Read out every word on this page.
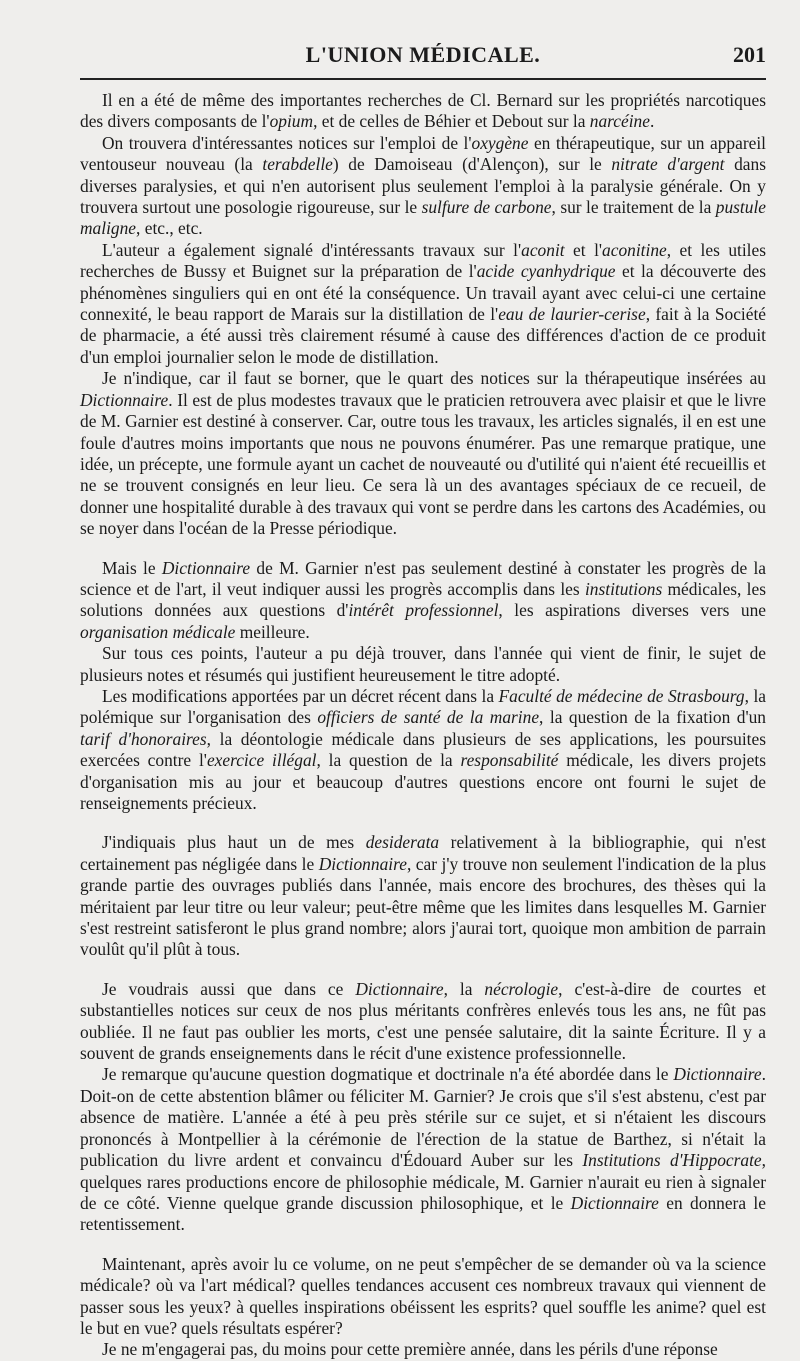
L'UNION MÉDICALE.	201

Il en a été de même des importantes recherches de Cl. Bernard sur les propriétés narcotiques des divers composants de l'opium, et de celles de Béhier et Debout sur la narcéine.

On trouvera d'intéressantes notices sur l'emploi de l'oxygène en thérapeutique, sur un appareil ventouseur nouveau (la terabdelle) de Damoiseau (d'Alençon), sur le nitrate d'argent dans diverses paralysies, et qui n'en autorisent plus seulement l'emploi à la paralysie générale. On y trouvera surtout une posologie rigoureuse, sur le sulfure de carbone, sur le traitement de la pustule maligne, etc., etc.

L'auteur a également signalé d'intéressants travaux sur l'aconit et l'aconitine, et les utiles recherches de Bussy et Buignet sur la préparation de l'acide cyanhydrique et la découverte des phénomènes singuliers qui en ont été la conséquence. Un travail ayant avec celui-ci une certaine connexité, le beau rapport de Marais sur la distillation de l'eau de laurier-cerise, fait à la Société de pharmacie, a été aussi très clairement résumé à cause des différences d'action de ce produit d'un emploi journalier selon le mode de distillation.

Je n'indique, car il faut se borner, que le quart des notices sur la thérapeutique insérées au Dictionnaire. Il est de plus modestes travaux que le praticien retrouvera avec plaisir et que le livre de M. Garnier est destiné à conserver. Car, outre tous les travaux, les articles signalés, il en est une foule d'autres moins importants que nous ne pouvons énumérer. Pas une remarque pratique, une idée, un précepte, une formule ayant un cachet de nouveauté ou d'utilité qui n'aient été recueillis et ne se trouvent consignés en leur lieu. Ce sera là un des avantages spéciaux de ce recueil, de donner une hospitalité durable à des travaux qui vont se perdre dans les cartons des Académies, ou se noyer dans l'océan de la Presse périodique.

Mais le Dictionnaire de M. Garnier n'est pas seulement destiné à constater les progrès de la science et de l'art, il veut indiquer aussi les progrès accomplis dans les institutions médicales, les solutions données aux questions d'intérêt professionnel, les aspirations diverses vers une organisation médicale meilleure.

Sur tous ces points, l'auteur a pu déjà trouver, dans l'année qui vient de finir, le sujet de plusieurs notes et résumés qui justifient heureusement le titre adopté.

Les modifications apportées par un décret récent dans la Faculté de médecine de Strasbourg, la polémique sur l'organisation des officiers de santé de la marine, la question de la fixation d'un tarif d'honoraires, la déontologie médicale dans plusieurs de ses applications, les poursuites exercées contre l'exercice illégal, la question de la responsabilité médicale, les divers projets d'organisation mis au jour et beaucoup d'autres questions encore ont fourni le sujet de renseignements précieux.

J'indiquais plus haut un de mes desiderata relativement à la bibliographie, qui n'est certainement pas négligée dans le Dictionnaire, car j'y trouve non seulement l'indication de la plus grande partie des ouvrages publiés dans l'année, mais encore des brochures, des thèses qui la méritaient par leur titre ou leur valeur; peut-être même que les limites dans lesquelles M. Garnier s'est restreint satisferont le plus grand nombre; alors j'aurai tort, quoique mon ambition de parrain voulût qu'il plût à tous.

Je voudrais aussi que dans ce Dictionnaire, la nécrologie, c'est-à-dire de courtes et substantielles notices sur ceux de nos plus méritants confrères enlevés tous les ans, ne fût pas oubliée. Il ne faut pas oublier les morts, c'est une pensée salutaire, dit la sainte Écriture. Il y a souvent de grands enseignements dans le récit d'une existence professionnelle.

Je remarque qu'aucune question dogmatique et doctrinale n'a été abordée dans le Dictionnaire. Doit-on de cette abstention blâmer ou féliciter M. Garnier? Je crois que s'il s'est abstenu, c'est par absence de matière. L'année a été à peu près stérile sur ce sujet, et si n'étaient les discours prononcés à Montpellier à la cérémonie de l'érection de la statue de Barthez, si n'était la publication du livre ardent et convaincu d'Édouard Auber sur les Institutions d'Hippocrate, quelques rares productions encore de philosophie médicale, M. Garnier n'aurait eu rien à signaler de ce côté. Vienne quelque grande discussion philosophique, et le Dictionnaire en donnera le retentissement.

Maintenant, après avoir lu ce volume, on ne peut s'empêcher de se demander où va la science médicale? où va l'art médical? quelles tendances accusent ces nombreux travaux qui viennent de passer sous les yeux? à quelles inspirations obéissent les esprits? quel souffle les anime? quel est le but en vue? quels résultats espérer?

Je ne m'engagerai pas, du moins pour cette première année, dans les périls d'une réponse
